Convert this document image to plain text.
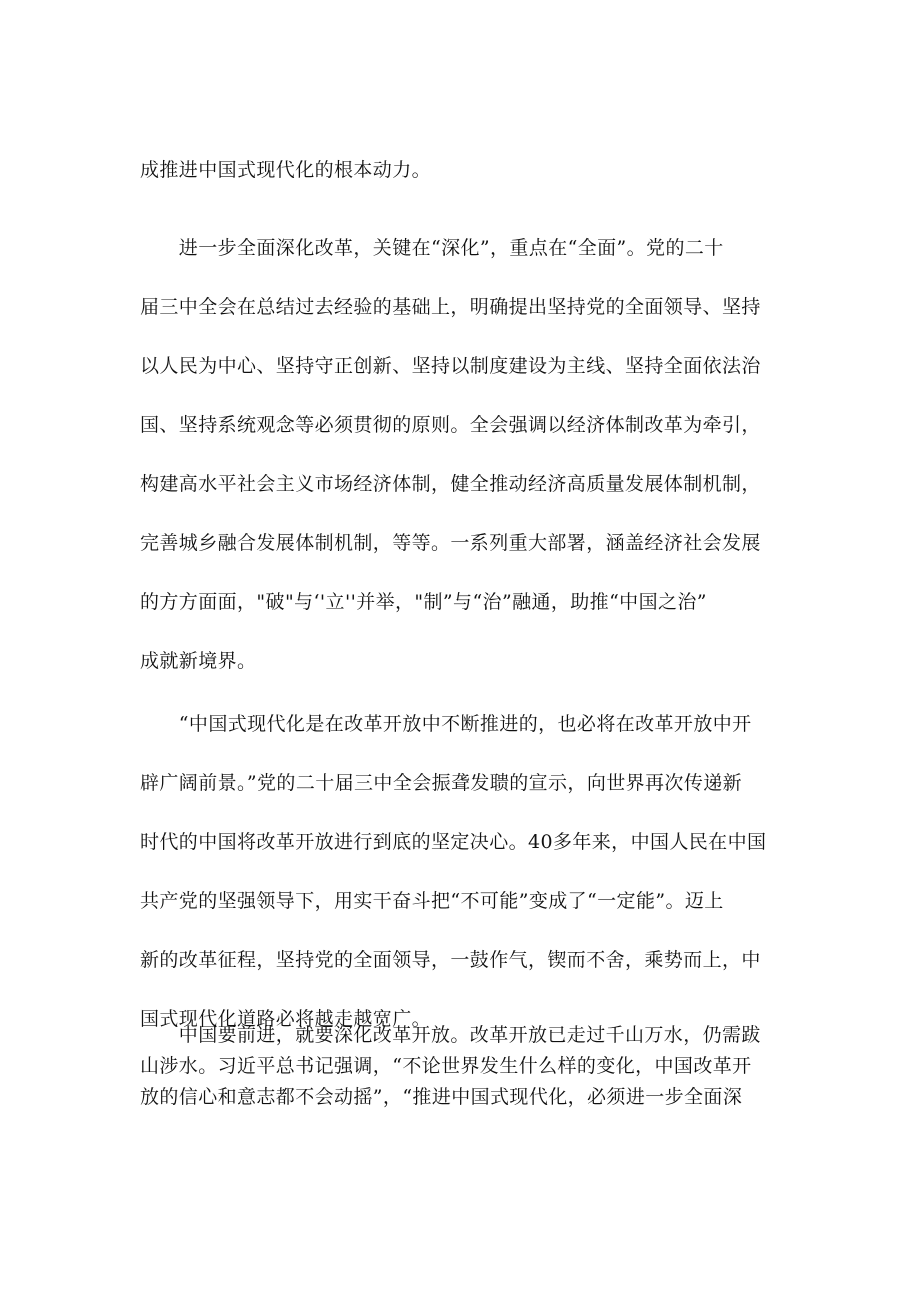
成推进中国式现代化的根本动力。
　　进一步全面深化改革，关键在“深化”，重点在“全面”。党的二十
届三中全会在总结过去经验的基础上，明确提出坚持党的全面领导、坚持
以人民为中心、坚持守正创新、坚持以制度建设为主线、坚持全面依法治
国、坚持系统观念等必须贯彻的原则。全会强调以经济体制改革为牵引，
构建高水平社会主义市场经济体制，健全推动经济高质量发展体制机制，
完善城乡融合发展体制机制，等等。一系列重大部署，涵盖经济社会发展
的方方面面，"破"与‘'立''并举，"制”与“治”融通，助推“中国之治”
成就新境界。
　　“中国式现代化是在改革开放中不断推进的，也必将在改革开放中开
辟广阔前景。”党的二十届三中全会振聋发聩的宣示，向世界再次传递新
时代的中国将改革开放进行到底的坚定决心。40多年来，中国人民在中国
共产党的坚强领导下，用实干奋斗把“不可能”变成了“一定能”。迈上
新的改革征程，坚持党的全面领导，一鼓作气，锲而不舍，乘势而上，中
国式现代化道路必将越走越宽广。
　　中国要前进，就要深化改革开放。改革开放已走过千山万水，仍需跋
山涉水。习近平总书记强调，“不论世界发生什么样的变化，中国改革开
放的信心和意志都不会动摇”，“推进中国式现代化，必须进一步全面深
